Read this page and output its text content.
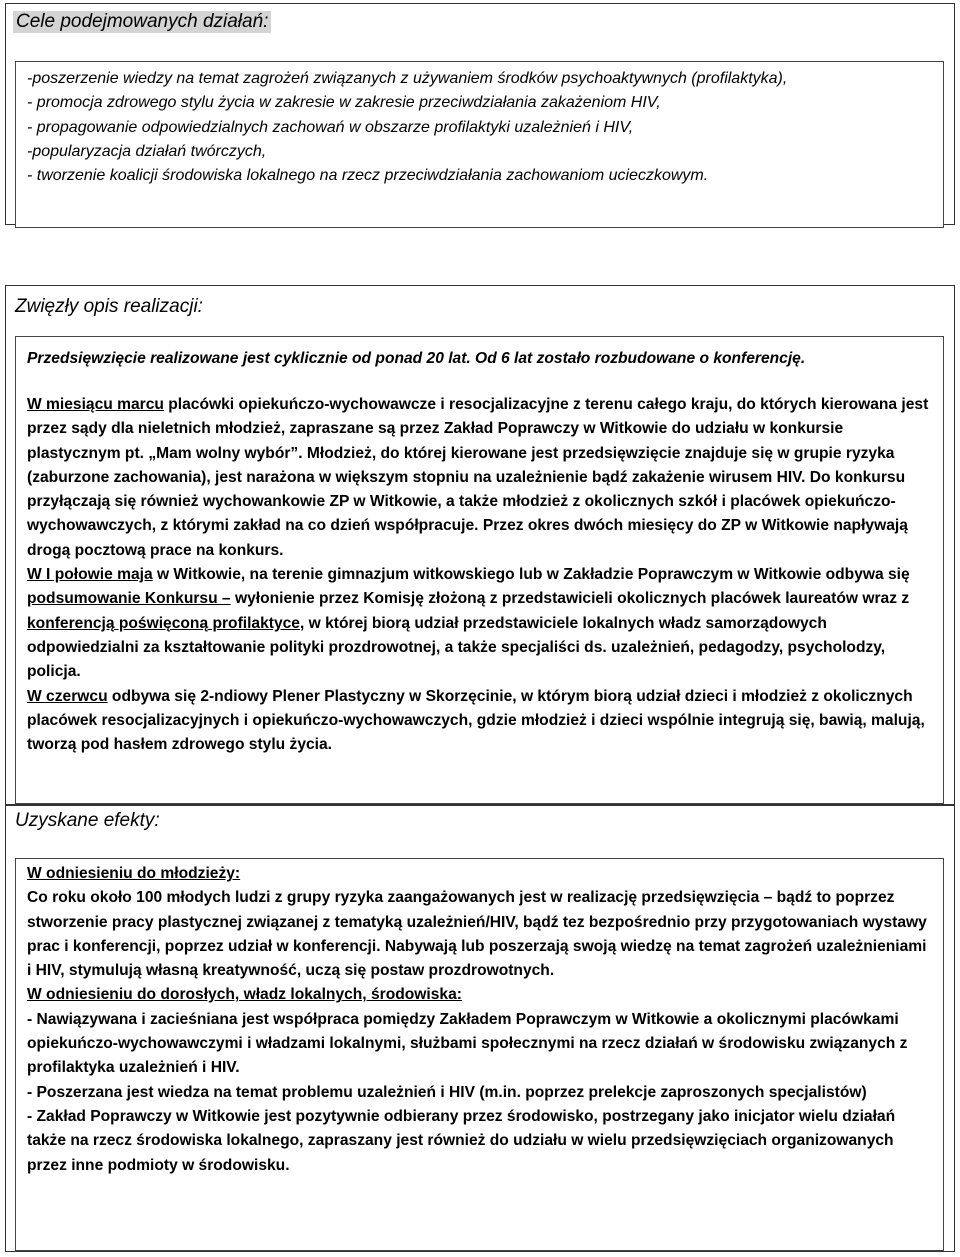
Cele podejmowanych działań:

-poszerzenie wiedzy na temat zagrożeń związanych z używaniem środków psychoaktywnych (profilaktyka),

- promocja zdrowego stylu życia w zakresie w zakresie przeciwdziałania zakażeniom HIV,

- propagowanie odpowiedzialnych zachowań w obszarze profilaktyki uzależnień i HIV,

-popularyzacja działań twórczych,

- tworzenie koalicji środowiska lokalnego na rzecz przeciwdziałania zachowaniom ucieczkowym.

Zwięzły opis realizacji:

Przedsięwzięcie realizowane jest cyklicznie od ponad 20 lat. Od 6 lat zostało rozbudowane o konferencję.

W miesiącu marcu placówki opiekuńczo-wychowawcze i resocjalizacyjne z terenu całego kraju, do których kierowana jest przez sądy dla nieletnich młodzież, zapraszane są przez Zakład Poprawczy w Witkowie do udziału w konkursie plastycznym pt. „Mam wolny wybór”. Młodzież, do której kierowane jest przedsięwzięcie znajduje się w grupie ryzyka (zaburzone zachowania), jest narażona w większym stopniu na uzależnienie bądź zakażenie wirusem HIV. Do konkursu przyłączają się również wychowankowie ZP w Witkowie, a także młodzież z okolicznych szkół i placówek opiekuńczo-wychowawczych, z którymi zakład na co dzień współpracuje. Przez okres dwóch miesięcy do ZP w Witkowie napływają drogą pocztową prace na konkurs.

W I połowie maja w Witkowie, na terenie gimnazjum witkowskiego lub w Zakładzie Poprawczym w Witkowie odbywa się podsumowanie Konkursu – wyłonienie przez Komisję złożoną z przedstawicieli okolicznych placówek laureatów wraz z konferencją poświęconą profilaktyce, w której biorą udział przedstawiciele lokalnych władz samorządowych odpowiedzialni za kształtowanie polityki prozdrowotnej, a także specjaliści ds. uzależnień, pedagodzy, psycholodzy, policja.

W czerwcu odbywa się 2-ndiowy Plener Plastyczny w Skorzęcinie, w którym biorą udział dzieci i młodzież z okolicznych placówek resocjalizacyjnych i opiekuńczo-wychowawczych, gdzie młodzież i dzieci wspólnie integrują się, bawią, malują, tworzą pod hasłem zdrowego stylu życia.

Uzyskane efekty:

W odniesieniu do młodzieży:

Co roku około 100 młodych ludzi z grupy ryzyka zaangażowanych jest w realizację przedsięwzięcia – bądź to poprzez stworzenie pracy plastycznej związanej z tematyką uzależnień/HIV, bądź tez bezpośrednio przy przygotowaniach wystawy prac i konferencji, poprzez udział w konferencji. Nabywają lub poszerzają swoją wiedzę na temat zagrożeń uzależnieniami i HIV, stymulują własną kreatywność, uczą się postaw prozdrowotnych.

W odniesieniu do dorosłych, władz lokalnych, środowiska:

- Nawiązywana i zacieśniana jest współpraca pomiędzy Zakładem Poprawczym w Witkowie a okolicznymi placówkami opiekuńczo-wychowawczymi i władzami lokalnymi, służbami społecznymi na rzecz działań w środowisku związanych z profilaktyka uzależnień i HIV.

- Poszerzana jest wiedza na temat problemu uzależnień i HIV (m.in. poprzez prelekcje zaproszonych specjalistów)

- Zakład Poprawczy w Witkowie jest pozytywnie odbierany przez środowisko, postrzegany jako inicjator wielu działań także na rzecz środowiska lokalnego, zapraszany jest również do udziału w wielu przedsięwzięciach organizowanych przez inne podmioty w środowisku.
